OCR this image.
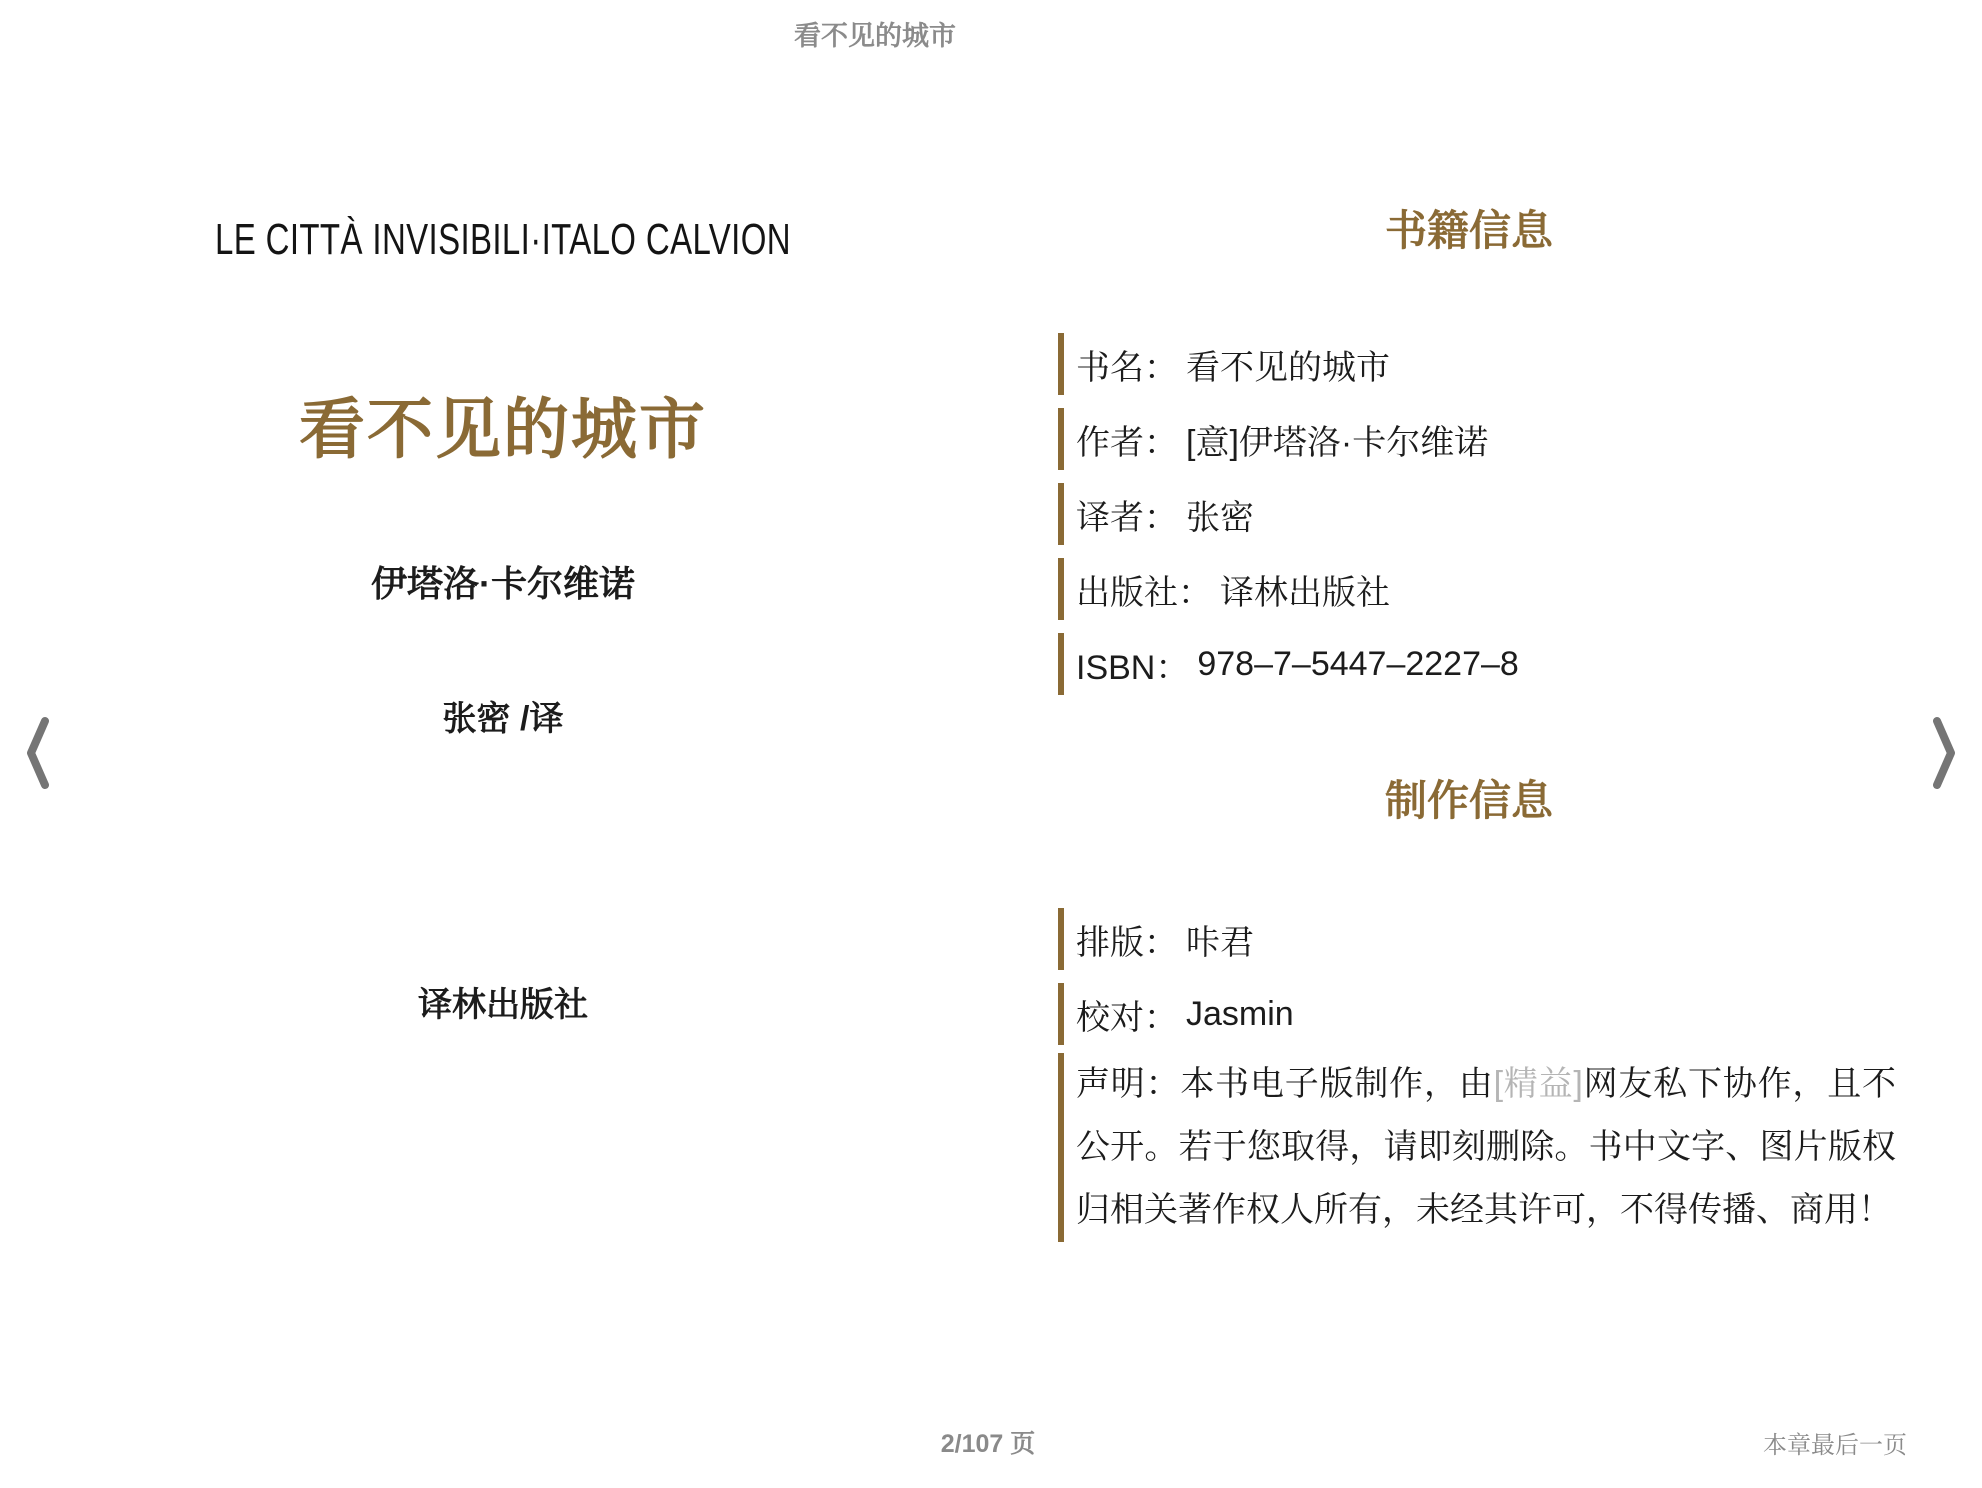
看不见的城市
LE CITTÀ INVISIBILI·ITALO CALVION
看不见的城市
伊塔洛·卡尔维诺
张密 /译
译林出版社
书籍信息
书名： 看不见的城市
作者： [意]伊塔洛·卡尔维诺
译者： 张密
出版社： 译林出版社
ISBN： 978–7–5447–2227–8
制作信息
排版： 咔君
校对： Jasmin
声明：本书电子版制作，由[精益]网友私下协作，且不公开。若于您取得，请即刻删除。书中文字、图片版权归相关著作权人所有，未经其许可，不得传播、商用！
2/107 页	本章最后一页
